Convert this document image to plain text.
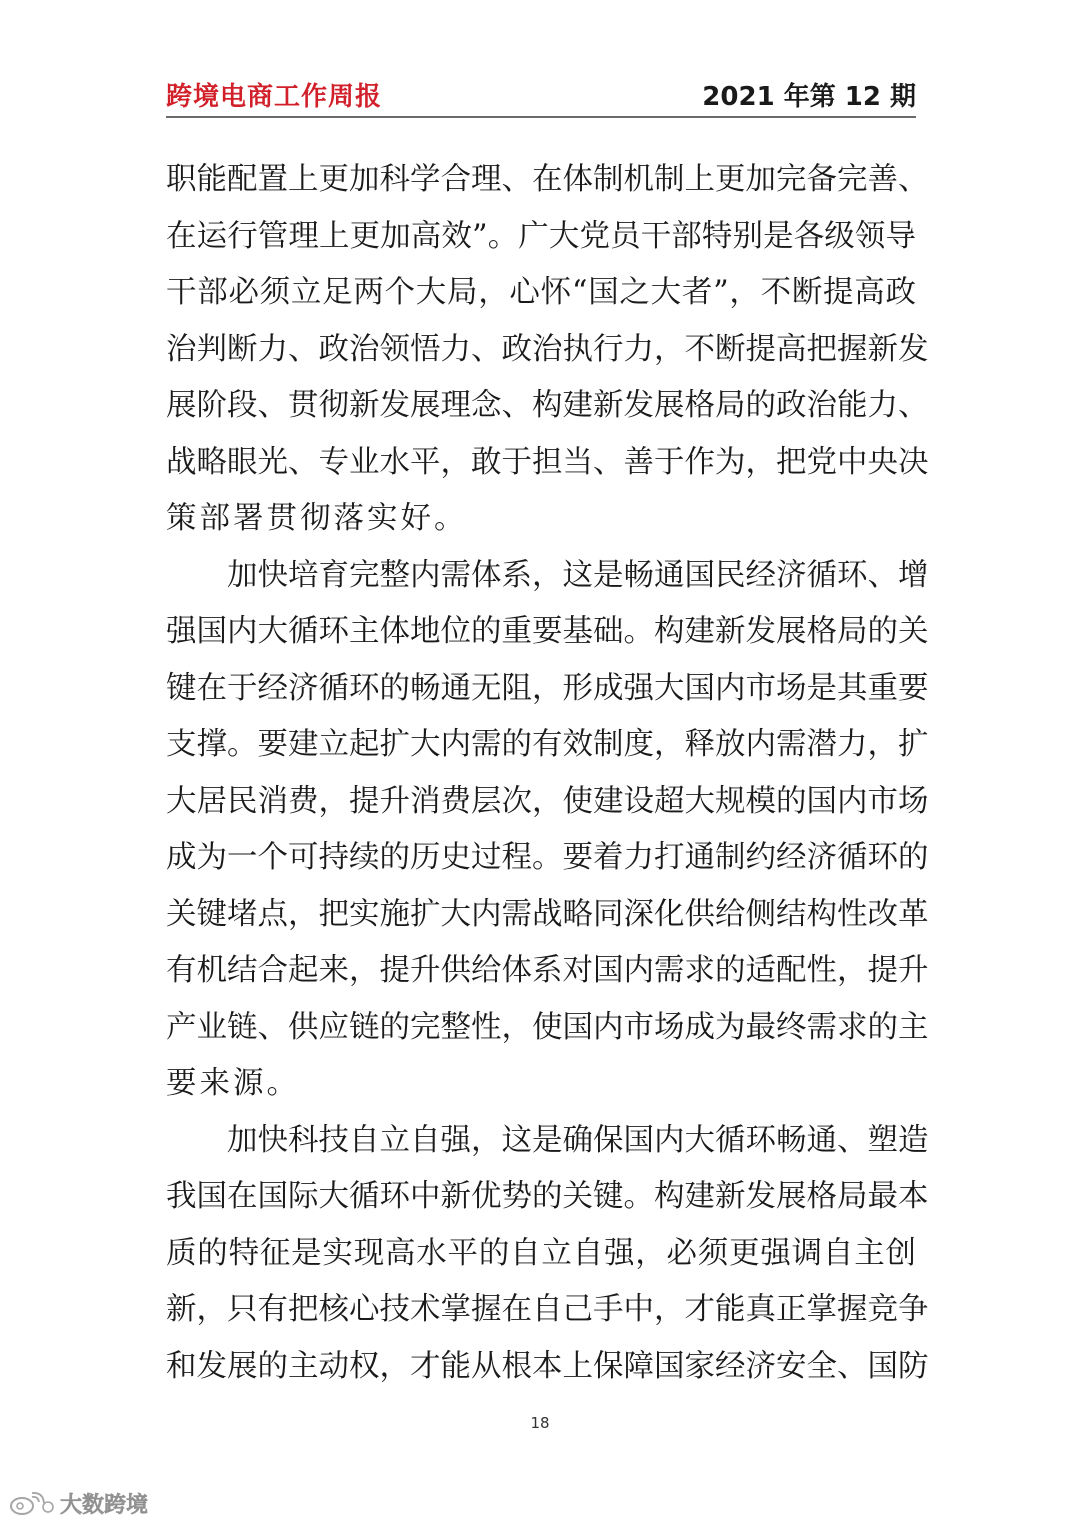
跨境电商工作周报	2021 年第 12 期
职能配置上更加科学合理、在体制机制上更加完备完善、
在运行管理上更加高效”。广大党员干部特别是各级领导
干部必须立足两个大局，心怀“国之大者”，不断提高政
治判断力、政治领悟力、政治执行力，不断提高把握新发
展阶段、贯彻新发展理念、构建新发展格局的政治能力、
战略眼光、专业水平，敢于担当、善于作为，把党中央决
策部署贯彻落实好。
加快培育完整内需体系，这是畅通国民经济循环、增
强国内大循环主体地位的重要基础。构建新发展格局的关
键在于经济循环的畅通无阻，形成强大国内市场是其重要
支撑。要建立起扩大内需的有效制度，释放内需潜力，扩
大居民消费，提升消费层次，使建设超大规模的国内市场
成为一个可持续的历史过程。要着力打通制约经济循环的
关键堵点，把实施扩大内需战略同深化供给侧结构性改革
有机结合起来，提升供给体系对国内需求的适配性，提升
产业链、供应链的完整性，使国内市场成为最终需求的主
要来源。
加快科技自立自强，这是确保国内大循环畅通、塑造
我国在国际大循环中新优势的关键。构建新发展格局最本
质的特征是实现高水平的自立自强，必须更强调自主创
新，只有把核心技术掌握在自己手中，才能真正掌握竞争
和发展的主动权，才能从根本上保障国家经济安全、国防
18
大数跨境
